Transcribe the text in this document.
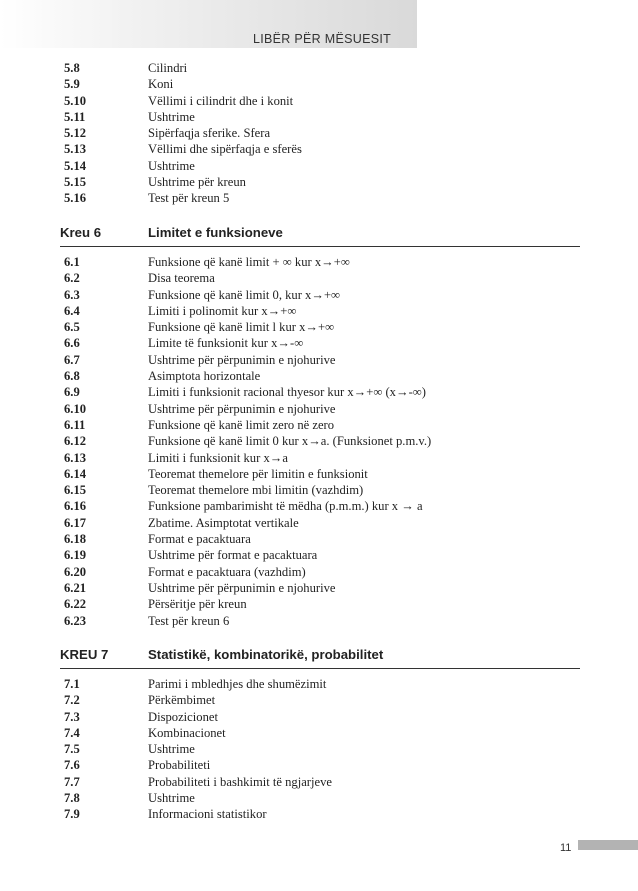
LIBËR PËR MËSUESIT
5.8	Cilindri
5.9	Koni
5.10	Vëllimi i cilindrit dhe i konit
5.11	Ushtrime
5.12	Sipërfaqja sferike. Sfera
5.13	Vëllimi dhe sipërfaqja e sferës
5.14	Ushtrime
5.15	Ushtrime për kreun
5.16	Test për kreun 5
Kreu 6	Limitet e funksioneve
6.1	Funksione që kanë limit + ∞ kur x→+∞
6.2	Disa teorema
6.3	Funksione që kanë limit 0, kur x→+∞
6.4	Limiti i polinomit kur x→+∞
6.5	Funksione që kanë limit l kur x→+∞
6.6	Limite të funksionit kur x→-∞
6.7	Ushtrime për përpunimin e njohurive
6.8	Asimptota horizontale
6.9	Limiti i funksionit racional thyesor kur x→+∞ (x→-∞)
6.10	Ushtrime për përpunimin e njohurive
6.11	Funksione që kanë limit zero në zero
6.12	Funksione që kanë limit 0 kur x→a. (Funksionet p.m.v.)
6.13	Limiti i funksionit kur x→a
6.14	Teoremat themelore për limitin e funksionit
6.15	Teoremat themelore mbi limitin (vazhdim)
6.16	Funksione pambarimisht të mëdha (p.m.m.) kur x → a
6.17	Zbatime. Asimptotat vertikale
6.18	Format e pacaktuara
6.19	Ushtrime për format e pacaktuara
6.20	Format e pacaktuara (vazhdim)
6.21	Ushtrime për përpunimin e njohurive
6.22	Përsëritje për kreun
6.23	Test për kreun 6
KREU 7	Statistikë, kombinatorikë, probabilitet
7.1	Parimi i mbledhjes dhe shumëzimit
7.2	Përkëmbimet
7.3	Dispozicionet
7.4	Kombinacionet
7.5	Ushtrime
7.6	Probabiliteti
7.7	Probabiliteti i bashkimit të ngjarjeve
7.8	Ushtrime
7.9	Informacioni statistikor
11
